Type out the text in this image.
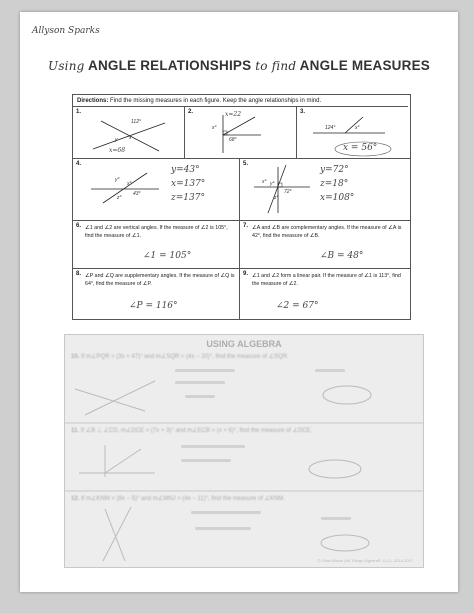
Allyson Sparks
Using ANGLE RELATIONSHIPS to find ANGLE MEASURES
Directions: Find the missing measures in each figure. Keep the angle relationships in mind.
1.
112°
x
y
x=68
2.
x°
68°
x=22	3.
124°	x°
x = 56°
4.
y°
x°
43°
z°
y=43°
x=137°
z=137°
5.
x° y°
72°
z°
y=72°
z=18°
x=108°
6. ∠1 and ∠2 are vertical angles. If the measure of ∠2 is 105°, find the measure of ∠1.
∠1 = 105°
7. ∠A and ∠B are complementary angles. If the measure of ∠A is 42°, find the measure of ∠B.
∠B = 48°
8. ∠P and ∠Q are supplementary angles. If the measure of ∠Q is 64°, find the measure of ∠P.
∠P = 116°
9. ∠1 and ∠2 form a linear pair. If the measure of ∠1 is 113°, find the measure of ∠2.
∠2 = 67°
USING ALGEBRA
10. If m∠PQR = (3x + 47)° and m∠SQR = (4x − 20)°, find the measure of ∠SQR.
11. If ∠B ⊥ ∠CD, m∠DCE = (7x + 3)° and m∠ECB = (x + 6)°, find the measure of ∠DCE.
12. If m∠KNM = (8x − 5)° and m∠MNJ = (4x − 11)°, find the measure of ∠KNM.
© Gina Wilson (All Things Algebra®, LLC), 2014-2017
